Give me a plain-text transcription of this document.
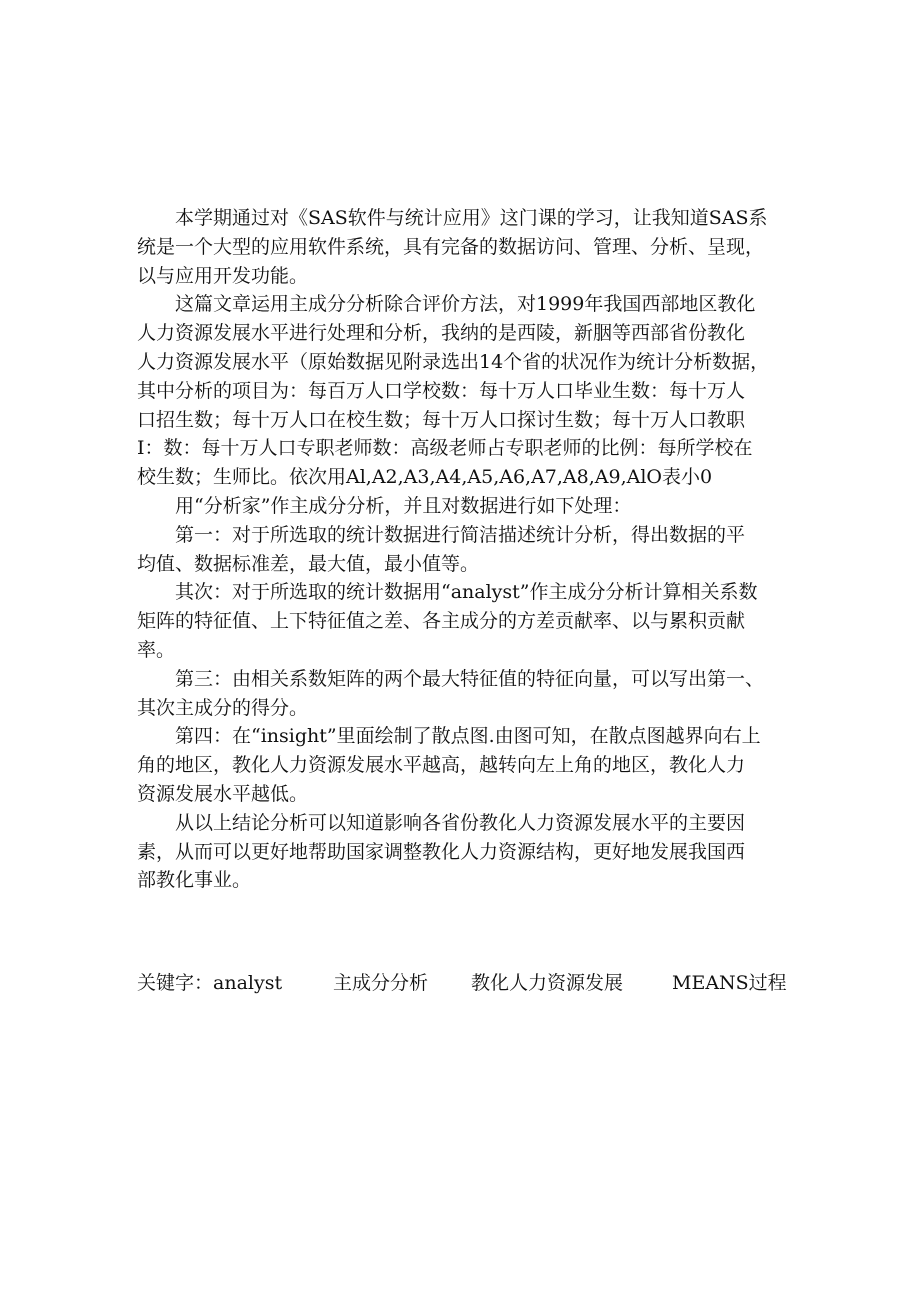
本学期通过对《SAS软件与统计应用》这门课的学习，让我知道SAS系
统是一个大型的应用软件系统，具有完备的数据访问、管理、分析、呈现，
以与应用开发功能。
这篇文章运用主成分分析除合评价方法，对1999年我国西部地区教化
人力资源发展水平进行处理和分析，我纳的是西陵，新胭等西部省份教化
人力资源发展水平（原始数据见附录选出14个省的状况作为统计分析数据，
其中分析的项目为：每百万人口学校数：每十万人口毕业生数：每十万人
口招生数；每十万人口在校生数；每十万人口探讨生数；每十万人口教职
I：数：每十万人口专职老师数：高级老师占专职老师的比例：每所学校在
校生数；生师比。依次用Al,A2,A3,A4,A5,A6,A7,A8,A9,AlO表小0
用“分析家”作主成分分析，并且对数据进行如下处理：
第一：对于所选取的统计数据进行简洁描述统计分析，得出数据的平
均值、数据标准差，最大值，最小值等。
其次：对于所选取的统计数据用“analyst”作主成分分析计算相关系数
矩阵的特征值、上下特征值之差、各主成分的方差贡献率、以与累积贡献
率。
第三：由相关系数矩阵的两个最大特征值的特征向量，可以写出第一、
其次主成分的得分。
第四：在“insight”里面绘制了散点图.由图可知，在散点图越界向右上
角的地区，教化人力资源发展水平越高，越转向左上角的地区，教化人力
资源发展水平越低。
从以上结论分析可以知道影响各省份教化人力资源发展水平的主要因
素，从而可以更好地帮助国家调整教化人力资源结构，更好地发展我国西
部教化事业。
关键字：analyst	主成分分析 教化人力资源发展	MEANS过程
